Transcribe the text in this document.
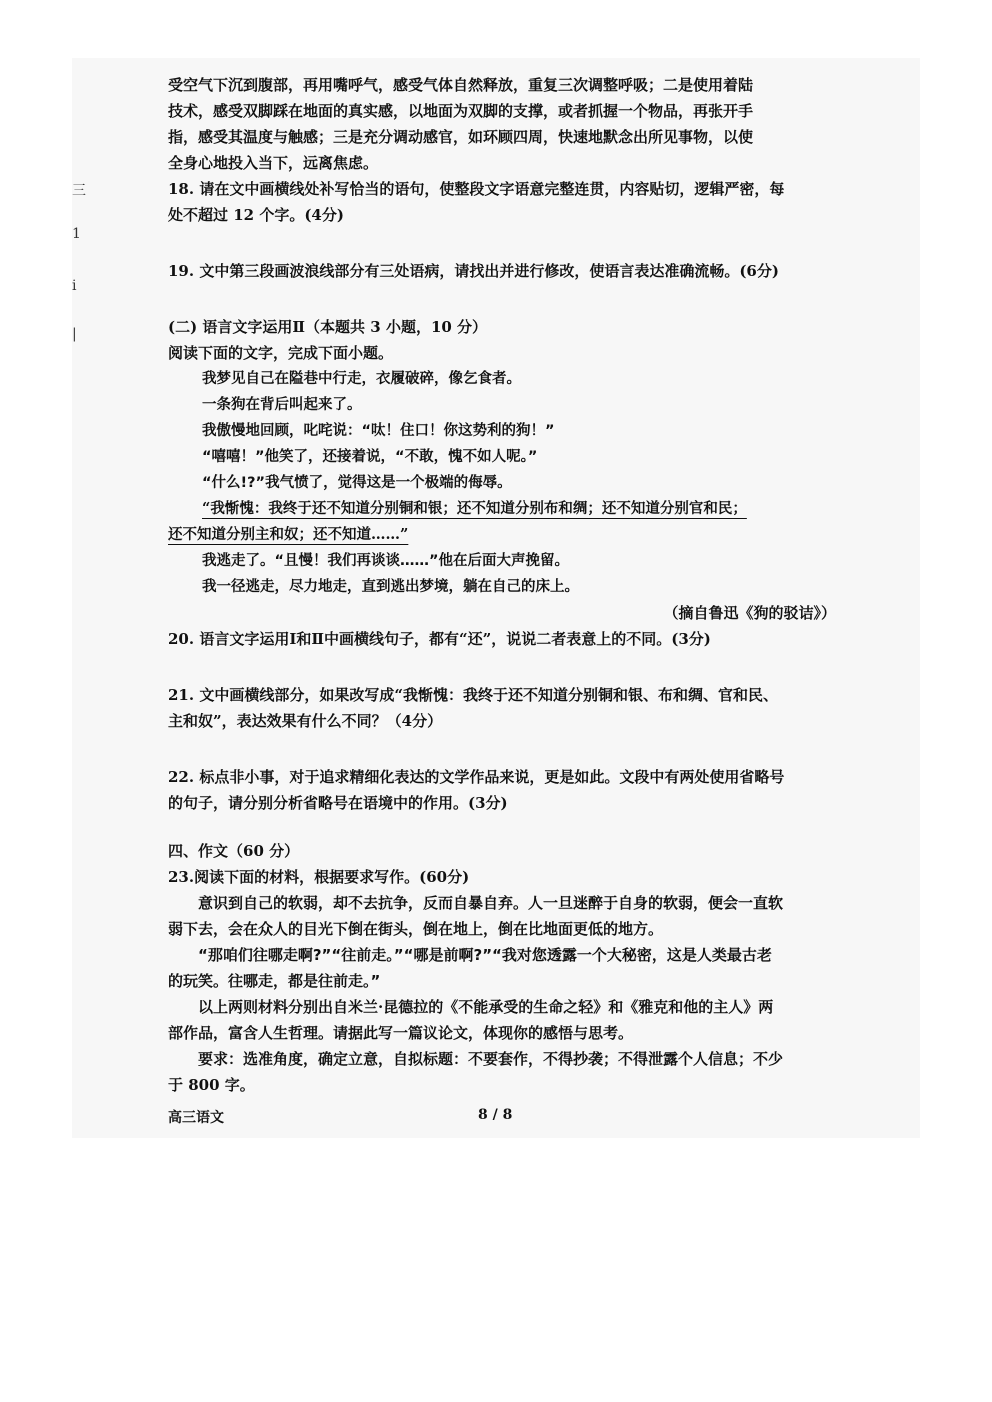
三
1
i
|

受空气下沉到腹部，再用嘴呼气，感受气体自然释放，重复三次调整呼吸；二是使用着陆

技术，感受双脚踩在地面的真实感，以地面为双脚的支撑，或者抓握一个物品，再张开手

指，感受其温度与触感；三是充分调动感官，如环顾四周，快速地默念出所见事物，以使

全身心地投入当下，远离焦虑。

18. 请在文中画横线处补写恰当的语句，使整段文字语意完整连贯，内容贴切，逻辑严密，每

处不超过 12 个字。(4分)

19. 文中第三段画波浪线部分有三处语病，请找出并进行修改，使语言表达准确流畅。(6分)

(二) 语言文字运用Ⅱ（本题共 3 小题，10 分）

阅读下面的文字，完成下面小题。

我梦见自己在隘巷中行走，衣履破碎，像乞食者。

一条狗在背后叫起来了。

我傲慢地回顾，叱咤说：“呔！住口！你这势利的狗！”

“嘻嘻！”他笑了，还接着说，“不敢，愧不如人呢。”

“什么!?”我气愤了，觉得这是一个极端的侮辱。

“我惭愧：我终于还不知道分别铜和银；还不知道分别布和绸；还不知道分别官和民；

还不知道分别主和奴；还不知道……”

我逃走了。“且慢！我们再谈谈……”他在后面大声挽留。

我一径逃走，尽力地走，直到逃出梦境，躺在自己的床上。

（摘自鲁迅《狗的驳诘》）

20. 语言文字运用Ⅰ和Ⅱ中画横线句子，都有“还”，说说二者表意上的不同。(3分)

21. 文中画横线部分，如果改写成“我惭愧：我终于还不知道分别铜和银、布和绸、官和民、

主和奴”，表达效果有什么不同？（4分）

22. 标点非小事，对于追求精细化表达的文学作品来说，更是如此。文段中有两处使用省略号

的句子，请分别分析省略号在语境中的作用。(3分)

四、作文（60 分）

23.阅读下面的材料，根据要求写作。(60分)

意识到自己的软弱，却不去抗争，反而自暴自弃。人一旦迷醉于自身的软弱，便会一直软

弱下去，会在众人的目光下倒在街头，倒在地上，倒在比地面更低的地方。

“那咱们往哪走啊?”“往前走。”“哪是前啊?”“我对您透露一个大秘密，这是人类最古老

的玩笑。往哪走，都是往前走。”

以上两则材料分别出自米兰·昆德拉的《不能承受的生命之轻》和《雅克和他的主人》两

部作品，富含人生哲理。请据此写一篇议论文，体现你的感悟与思考。

要求：选准角度，确定立意，自拟标题：不要套作，不得抄袭；不得泄露个人信息；不少

于 800 字。

高三语文	8 / 8
